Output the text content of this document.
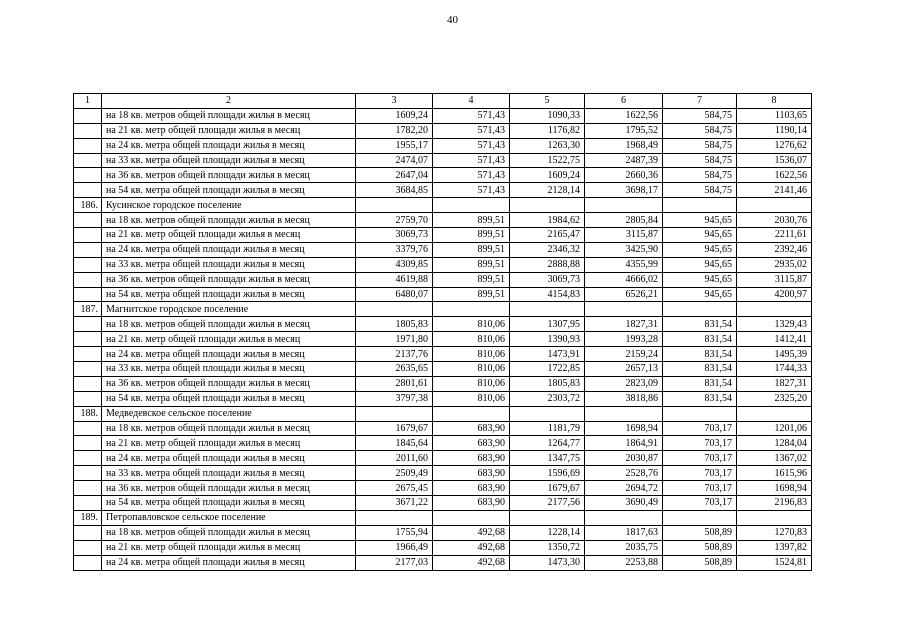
40
1	2	3	4	5	6	7	8
	на 18 кв. метров общей площади жилья в месяц	1609,24	571,43	1090,33	1622,56	584,75	1103,65
	на 21 кв. метр общей площади жилья в месяц	1782,20	571,43	1176,82	1795,52	584,75	1190,14
	на 24 кв. метра общей площади жилья в месяц	1955,17	571,43	1263,30	1968,49	584,75	1276,62
	на 33 кв. метра общей площади жилья в месяц	2474,07	571,43	1522,75	2487,39	584,75	1536,07
	на 36 кв. метров общей площади жилья в месяц	2647,04	571,43	1609,24	2660,36	584,75	1622,56
	на 54 кв. метра общей площади жилья в месяц	3684,85	571,43	2128,14	3698,17	584,75	2141,46
186.	Кусинское городское поселение						
	на 18 кв. метров общей площади жилья в месяц	2759,70	899,51	1984,62	2805,84	945,65	2030,76
	на 21 кв. метр общей площади жилья в месяц	3069,73	899,51	2165,47	3115,87	945,65	2211,61
	на 24 кв. метра общей площади жилья в месяц	3379,76	899,51	2346,32	3425,90	945,65	2392,46
	на 33 кв. метра общей площади жилья в месяц	4309,85	899,51	2888,88	4355,99	945,65	2935,02
	на 36 кв. метров общей площади жилья в месяц	4619,88	899,51	3069,73	4666,02	945,65	3115,87
	на 54 кв. метра общей площади жилья в месяц	6480,07	899,51	4154,83	6526,21	945,65	4200,97
187.	Магнитское городское поселение						
	на 18 кв. метров общей площади жилья в месяц	1805,83	810,06	1307,95	1827,31	831,54	1329,43
	на 21 кв. метр общей площади жилья в месяц	1971,80	810,06	1390,93	1993,28	831,54	1412,41
	на 24 кв. метра общей площади жилья в месяц	2137,76	810,06	1473,91	2159,24	831,54	1495,39
	на 33 кв. метра общей площади жилья в месяц	2635,65	810,06	1722,85	2657,13	831,54	1744,33
	на 36 кв. метров общей площади жилья в месяц	2801,61	810,06	1805,83	2823,09	831,54	1827,31
	на 54 кв. метра общей площади жилья в месяц	3797,38	810,06	2303,72	3818,86	831,54	2325,20
188.	Медведевское сельское поселение						
	на 18 кв. метров общей площади жилья в месяц	1679,67	683,90	1181,79	1698,94	703,17	1201,06
	на 21 кв. метр общей площади жилья в месяц	1845,64	683,90	1264,77	1864,91	703,17	1284,04
	на 24 кв. метра общей площади жилья в месяц	2011,60	683,90	1347,75	2030,87	703,17	1367,02
	на 33 кв. метра общей площади жилья в месяц	2509,49	683,90	1596,69	2528,76	703,17	1615,96
	на 36 кв. метров общей площади жилья в месяц	2675,45	683,90	1679,67	2694,72	703,17	1698,94
	на 54 кв. метра общей площади жилья в месяц	3671,22	683,90	2177,56	3690,49	703,17	2196,83
189.	Петропавловское сельское поселение						
	на 18 кв. метров общей площади жилья в месяц	1755,94	492,68	1228,14	1817,63	508,89	1270,83
	на 21 кв. метр общей площади жилья в месяц	1966,49	492,68	1350,72	2035,75	508,89	1397,82
	на 24 кв. метра общей площади жилья в месяц	2177,03	492,68	1473,30	2253,88	508,89	1524,81
